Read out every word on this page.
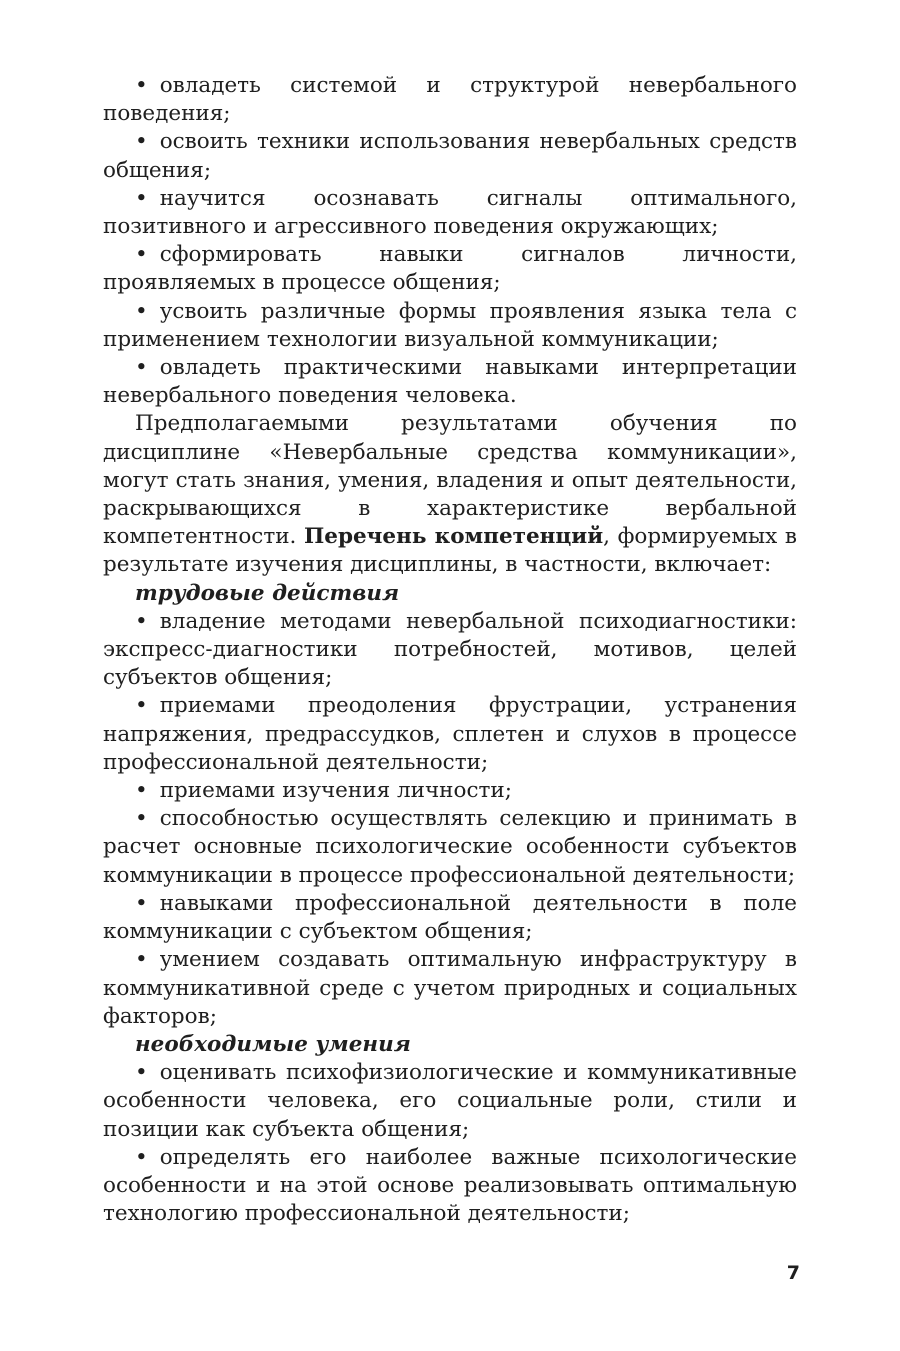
• овладеть системой и структурой невербального поведения;

• освоить техники использования невербальных средств общения;

• научится осознавать сигналы оптимального, позитивного и агрессивного поведения окружающих;

• сформировать навыки сигналов личности, проявляемых в процессе общения;

• усвоить различные формы проявления языка тела с применением технологии визуальной коммуникации;

• овладеть практическими навыками интерпретации невербального поведения человека.

Предполагаемыми результатами обучения по дисциплине «Невербальные средства коммуникации», могут стать знания, умения, владения и опыт деятельности, раскрывающихся в характеристике вербальной компетентности. Перечень компетенций, формируемых в результате изучения дисциплины, в частности, включает:

трудовые действия

• владение методами невербальной психодиагностики: экспресс-диагностики потребностей, мотивов, целей субъектов общения;

• приемами преодоления фрустрации, устранения напряжения, предрассудков, сплетен и слухов в процессе профессиональной деятельности;

• приемами изучения личности;

• способностью осуществлять селекцию и принимать в расчет основные психологические особенности субъектов коммуникации в процессе профессиональной деятельности;

• навыками профессиональной деятельности в поле коммуникации с субъектом общения;

• умением создавать оптимальную инфраструктуру в коммуникативной среде с учетом природных и социальных факторов;

необходимые умения

• оценивать психофизиологические и коммуникативные особенности человека, его социальные роли, стили и позиции как субъекта общения;

• определять его наиболее важные психологические особенности и на этой основе реализовывать оптимальную технологию профессиональной деятельности;

7
